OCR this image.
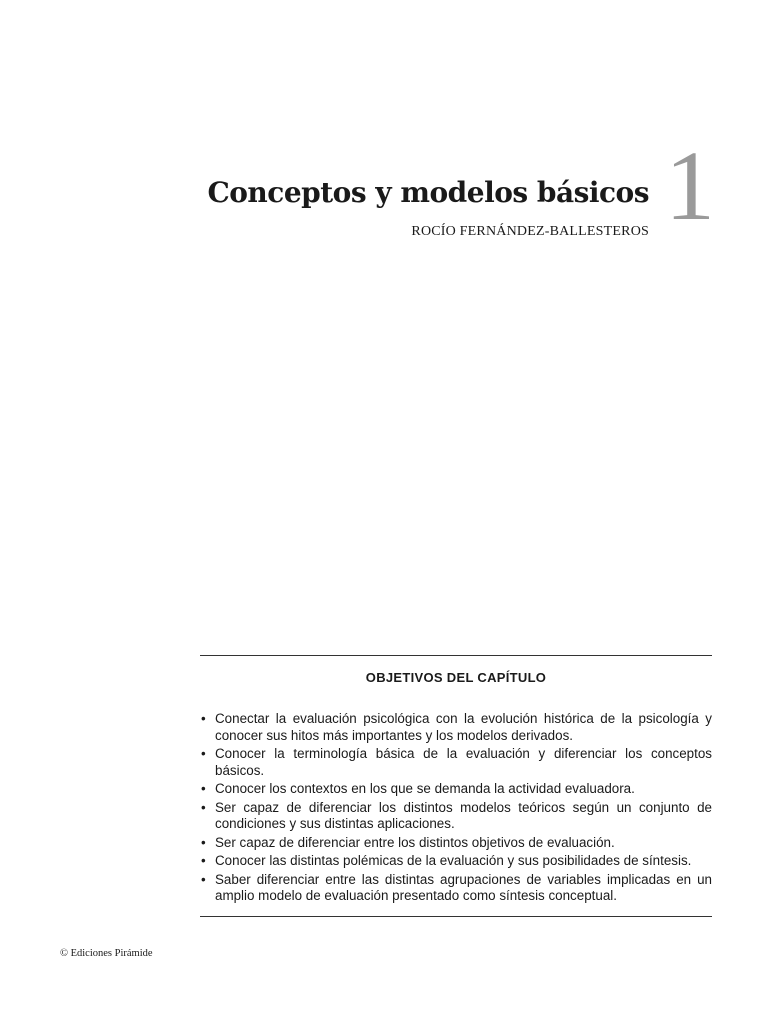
Conceptos y modelos básicos
ROCÍO FERNÁNDEZ-BALLESTEROS 1
OBJETIVOS DEL CAPÍTULO
• Conectar la evaluación psicológica con la evolución histórica de la psicología y conocer sus hitos más importantes y los modelos derivados.
• Conocer la terminología básica de la evaluación y diferenciar los conceptos básicos.
• Conocer los contextos en los que se demanda la actividad evaluadora.
• Ser capaz de diferenciar los distintos modelos teóricos según un conjunto de condiciones y sus distintas aplicaciones.
• Ser capaz de diferenciar entre los distintos objetivos de evaluación.
• Conocer las distintas polémicas de la evaluación y sus posibilidades de síntesis.
• Saber diferenciar entre las distintas agrupaciones de variables implicadas en un amplio modelo de evaluación presentado como síntesis conceptual.
© Ediciones Pirámide
